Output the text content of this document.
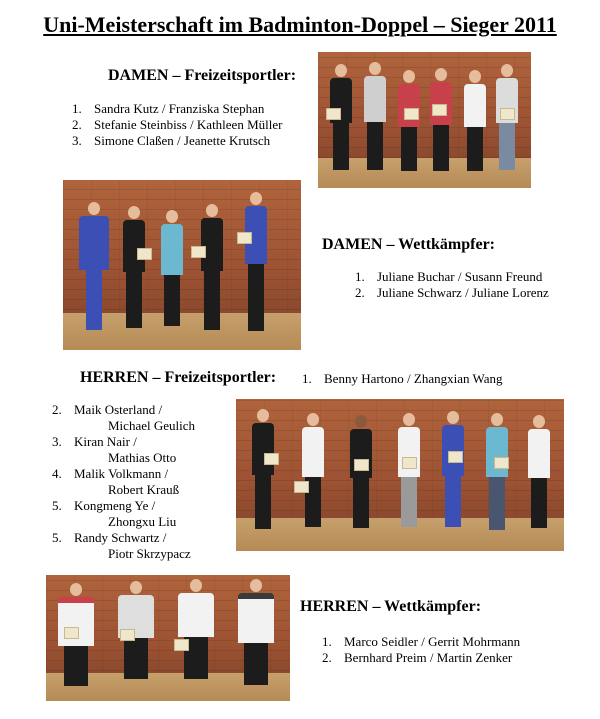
Uni-Meisterschaft im Badminton-Doppel – Sieger 2011
DAMEN – Freizeitsportler:
1. Sandra Kutz / Franziska Stephan
2. Stefanie Steinbiss / Kathleen Müller
3. Simone Claßen / Jeanette Krutsch
DAMEN – Wettkämpfer:
1. Juliane Buchar / Susann Freund
2. Juliane Schwarz / Juliane Lorenz
HERREN – Freizeitsportler: 1. Benny Hartono / Zhangxian Wang
2. Maik Osterland /
Michael Geulich
3. Kiran Nair /
Mathias Otto
4. Malik Volkmann /
Robert Krauß
5. Kongmeng Ye /
Zhongxu Liu
5. Randy Schwartz /
Piotr Skrzypacz
HERREN – Wettkämpfer:
1. Marco Seidler / Gerrit Mohrmann
2. Bernhard Preim / Martin Zenker
